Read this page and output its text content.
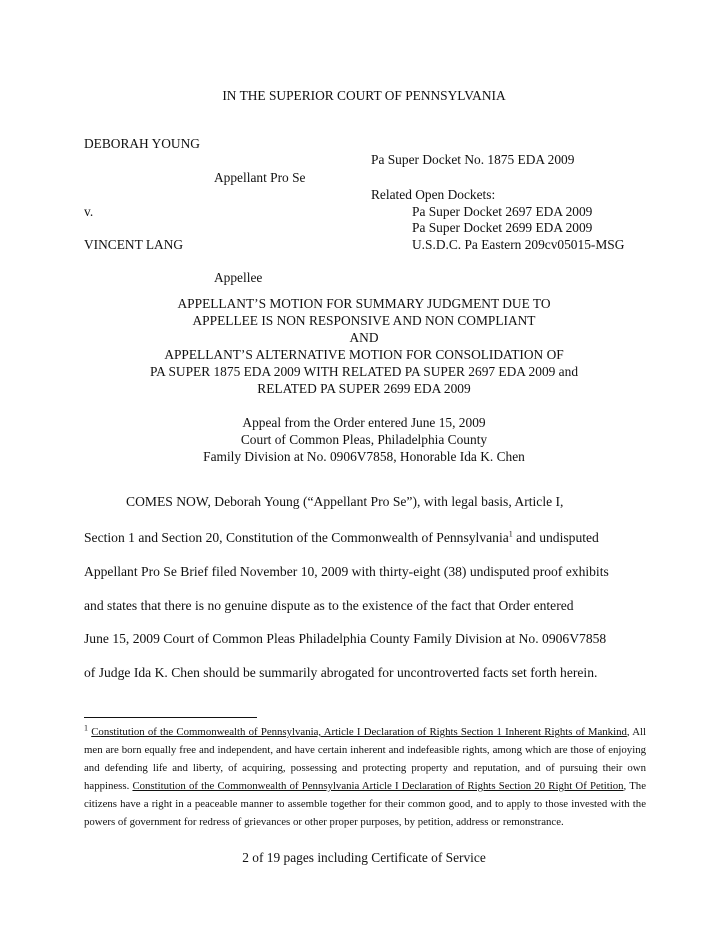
IN THE SUPERIOR COURT OF PENNSYLVANIA
DEBORAH YOUNG
Pa Super Docket No. 1875 EDA 2009
Appellant Pro Se
Related Open Dockets:
v.	Pa Super Docket 2697 EDA 2009
Pa Super Docket 2699 EDA 2009
VINCENT LANG	U.S.D.C. Pa Eastern 209cv05015-MSG
Appellee
APPELLANT’S MOTION FOR SUMMARY JUDGMENT DUE TO
APPELLEE IS NON RESPONSIVE AND NON COMPLIANT
AND
APPELLANT’S ALTERNATIVE MOTION FOR CONSOLIDATION OF
PA SUPER 1875 EDA 2009 WITH RELATED PA SUPER 2697 EDA 2009 and
RELATED PA SUPER 2699 EDA 2009
Appeal from the Order entered June 15, 2009
Court of Common Pleas, Philadelphia County
Family Division at No. 0906V7858, Honorable Ida K. Chen
COMES NOW, Deborah Young (“Appellant Pro Se”), with legal basis, Article I,
Section 1 and Section 20, Constitution of the Commonwealth of Pennsylvania$^1$ and undisputed
Appellant Pro Se Brief filed November 10, 2009 with thirty-eight (38) undisputed proof exhibits
and states that there is no genuine dispute as to the existence of the fact that Order entered
June 15, 2009 Court of Common Pleas Philadelphia County Family Division at No. 0906V7858
of Judge Ida K. Chen should be summarily abrogated for uncontroverted facts set forth herein.
$^1$ Constitution of the Commonwealth of Pennsylvania, Article I Declaration of Rights Section 1 Inherent Rights of Mankind, All men are born equally free and independent, and have certain inherent and indefeasible rights, among which are those of enjoying and defending life and liberty, of acquiring, possessing and protecting property and reputation, and of pursuing their own happiness. Constitution of the Commonwealth of Pennsylvania Article I Declaration of Rights Section 20 Right Of Petition, The citizens have a right in a peaceable manner to assemble together for their common good, and to apply to those invested with the powers of government for redress of grievances or other proper purposes, by petition, address or remonstrance.
2 of 19 pages including Certificate of Service
